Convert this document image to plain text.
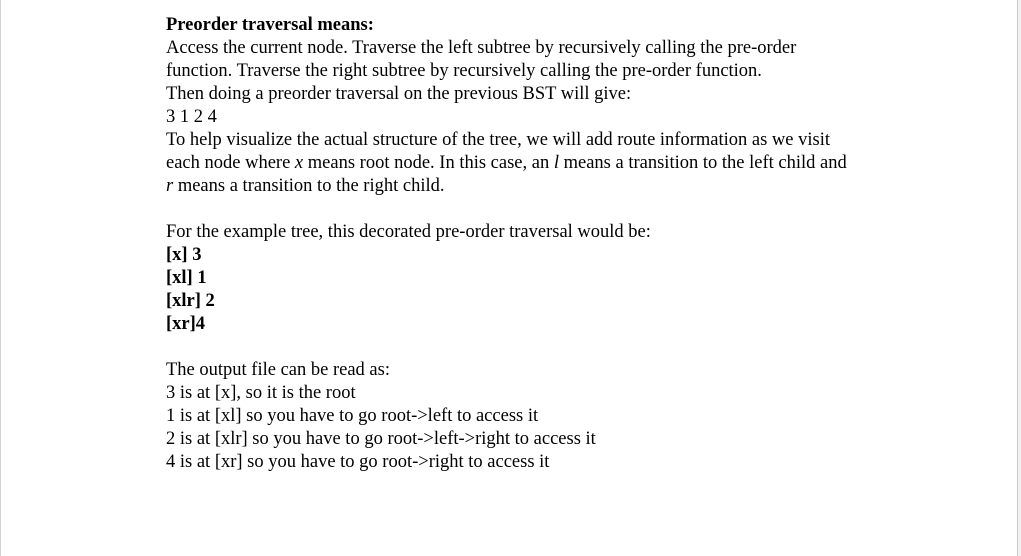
Preorder traversal means:
Access the current node. Traverse the left subtree by recursively calling the pre-order
function. Traverse the right subtree by recursively calling the pre-order function.
Then doing a preorder traversal on the previous BST will give:
3 1 2 4
To help visualize the actual structure of the tree, we will add route information as we visit
each node where x means root node. In this case, an l means a transition to the left child and
r means a transition to the right child.
For the example tree, this decorated pre-order traversal would be:
[x] 3
[xl] 1
[xlr] 2
[xr]4
The output file can be read as:
3 is at [x], so it is the root
1 is at [xl] so you have to go root->left to access it
2 is at [xlr] so you have to go root->left->right to access it
4 is at [xr] so you have to go root->right to access it
